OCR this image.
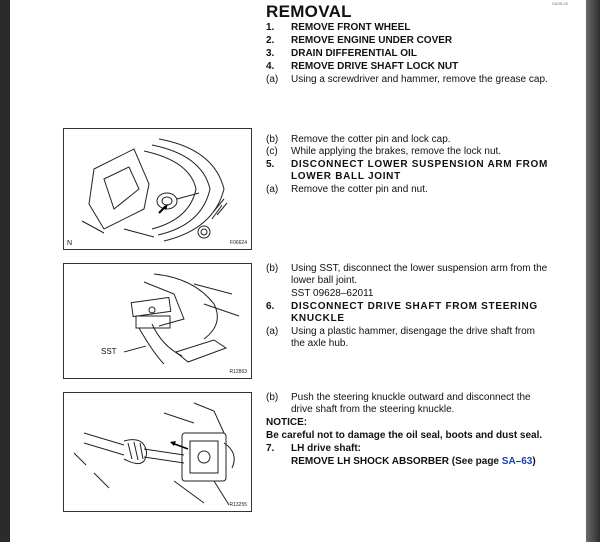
SA0B-05
REMOVAL
1. REMOVE FRONT WHEEL
2. REMOVE ENGINE UNDER COVER
3. DRAIN DIFFERENTIAL OIL
4. REMOVE DRIVE SHAFT LOCK NUT
(a) Using a screwdriver and hammer, remove the grease cap.
(b) Remove the cotter pin and lock cap.
(c) While applying the brakes, remove the lock nut.
5. DISCONNECT LOWER SUSPENSION ARM FROM
LOWER BALL JOINT
(a) Remove the cotter pin and nut.
N	F06624
(b) Using SST, disconnect the lower suspension arm from the
lower ball joint.
SST 09628–62011
6. DISCONNECT DRIVE SHAFT FROM STEERING
KNUCKLE
(a) Using a plastic hammer, disengage the drive shaft from
the axle hub.
SST
R12863
(b) Push the steering knuckle outward and disconnect the
drive shaft from the steering knuckle.
NOTICE:
Be careful not to damage the oil seal, boots and dust seal.
7. LH drive shaft:
REMOVE LH SHOCK ABSORBER (See page SA–63)
R13255
